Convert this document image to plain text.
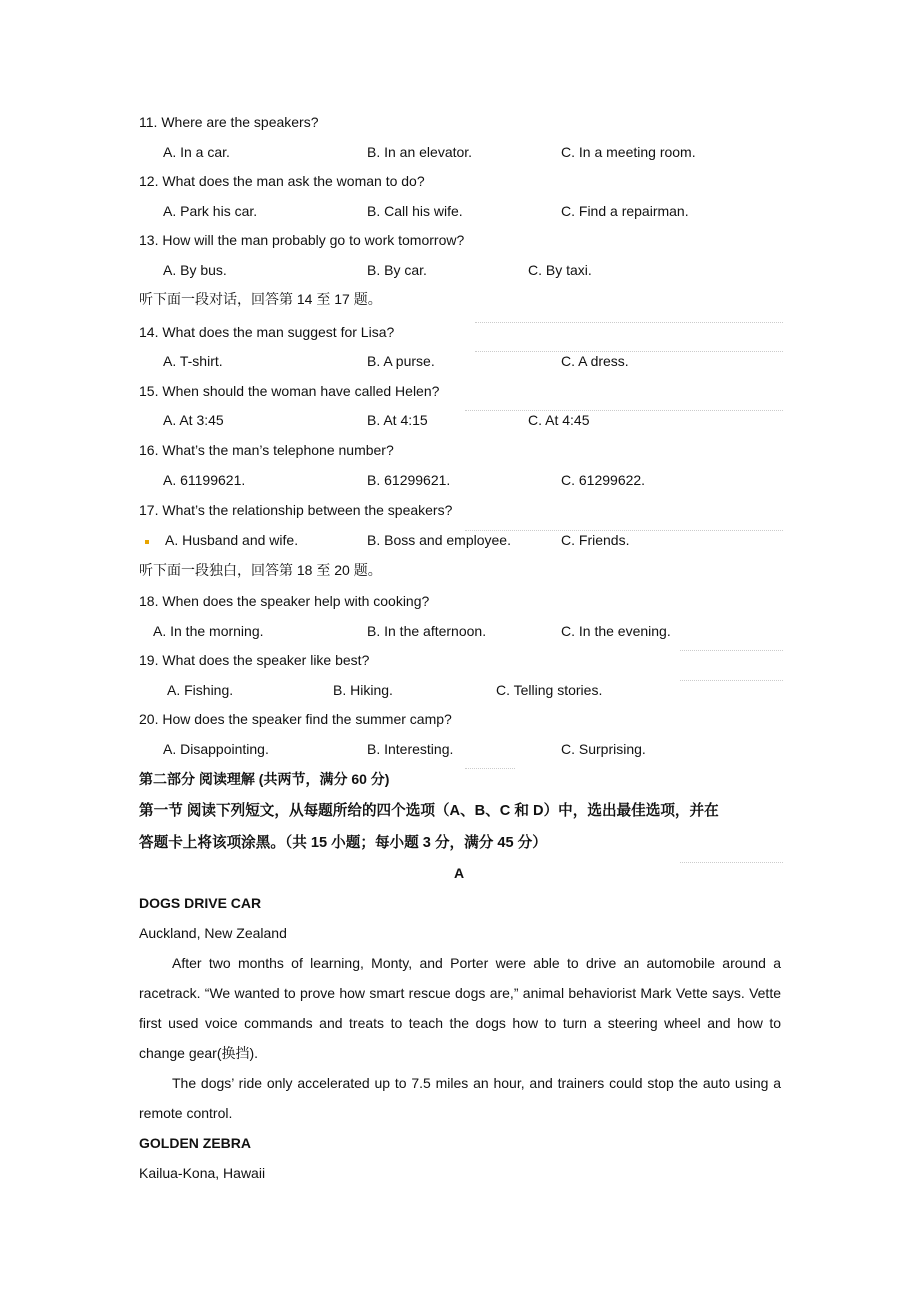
11. Where are the speakers?
A. In a car.	B. In an elevator.	C. In a meeting room.
12. What does the man ask the woman to do?
A. Park his car.	B. Call his wife.	C. Find a repairman.
13. How will the man probably go to work tomorrow?
A. By bus.	B. By car.	C. By taxi.
听下面一段对话，回答第 14 至 17 题。
14. What does the man suggest for Lisa?
A. T-shirt.	B. A purse.	C. A dress.
15. When should the woman have called Helen?
A. At 3:45	B. At 4:15	C. At 4:45
16. What’s the man’s telephone number?
A. 61199621.	B. 61299621.	C. 61299622.
17. What’s the relationship between the speakers?
A. Husband and wife.	B. Boss and employee.	C. Friends.
听下面一段独白，回答第 18 至 20 题。
18. When does the speaker help with cooking?
A. In the morning.	B. In the afternoon.	C. In the evening.
19. What does the speaker like best?
A. Fishing.	B. Hiking.	C. Telling stories.
20. How does the speaker find the summer camp?
A. Disappointing.	B. Interesting.	C. Surprising.
第二部分 阅读理解 (共两节，满分 60 分)
第一节 阅读下列短文，从每题所给的四个选项（A、B、C 和 D）中，选出最佳选项，并在
答题卡上将该项涂黑。（共 15 小题；每小题 3 分，满分 45 分）
A
DOGS DRIVE CAR
Auckland, New Zealand
After two months of learning, Monty, and Porter were able to drive an automobile around a racetrack. “We wanted to prove how smart rescue dogs are,” animal behaviorist Mark Vette says. Vette first used voice commands and treats to teach the dogs how to turn a steering wheel and how to change gear(换挡).
The dogs’ ride only accelerated up to 7.5 miles an hour, and trainers could stop the auto using a remote control.
GOLDEN ZEBRA
Kailua-Kona, Hawaii
